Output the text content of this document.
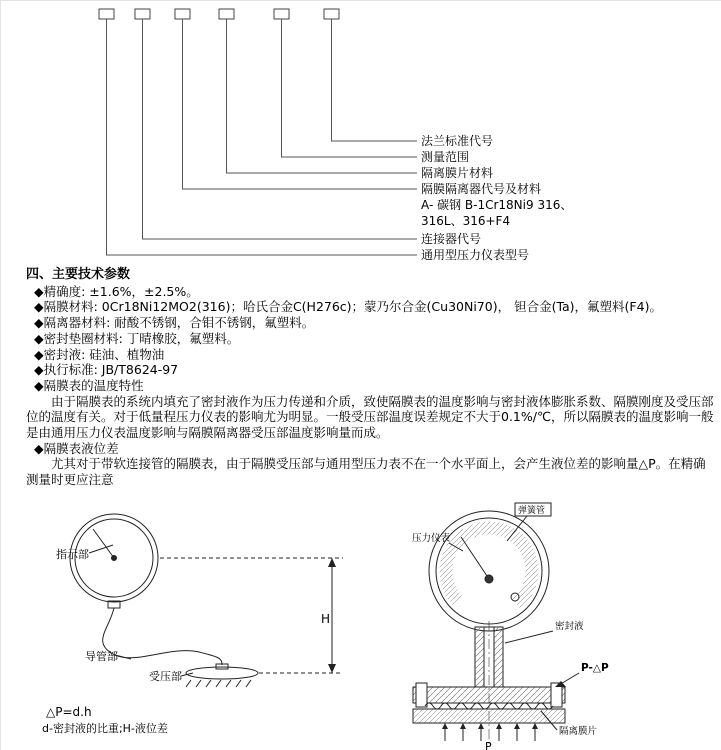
法兰标准代号
测量范围
隔离膜片材料
隔膜隔离器代号及材料
A- 碳钢 B-1Cr18Ni9 316、
316L、316+F4
连接器代号
通用型压力仪表型号
四、主要技术参数
◆精确度: ±1.6%，±2.5%。
◆隔膜材料: 0Cr18Ni12MO2(316)；哈氏合金C(H276c)；蒙乃尔合金(Cu30Ni70)， 钽合金(Ta)，氟塑料(F4)。
◆隔离器材料: 耐酸不锈钢，合钼不锈钢，氟塑料。
◆密封垫圈材料: 丁晴橡胶，氟塑料。
◆密封液: 硅油、植物油
◆执行标准: JB/T8624-97
◆隔膜表的温度特性

由于隔膜表的系统内填充了密封液作为压力传递和介质，致使隔膜表的温度影响与密封液体膨胀系数、隔膜刚度及受压部位的温度有关。对于低量程压力仪表的影响尤为明显。一般受压部温度误差规定不大于0.1%/℃，所以隔膜表的温度影响一般是由通用压力仪表温度影响与隔膜隔离器受压部温度影响量而成。

◆隔膜表液位差

尤其对于带软连接管的隔膜表，由于隔膜受压部与通用型压力表不在一个水平面上，会产生液位差的影响量△P。在精确测量时更应注意

指示部
导管部
受压部
H
△P=d.h
d-密封液的比重;H-液位差
弹簧管
压力仪表
密封液
P-△P
隔离膜片
P
